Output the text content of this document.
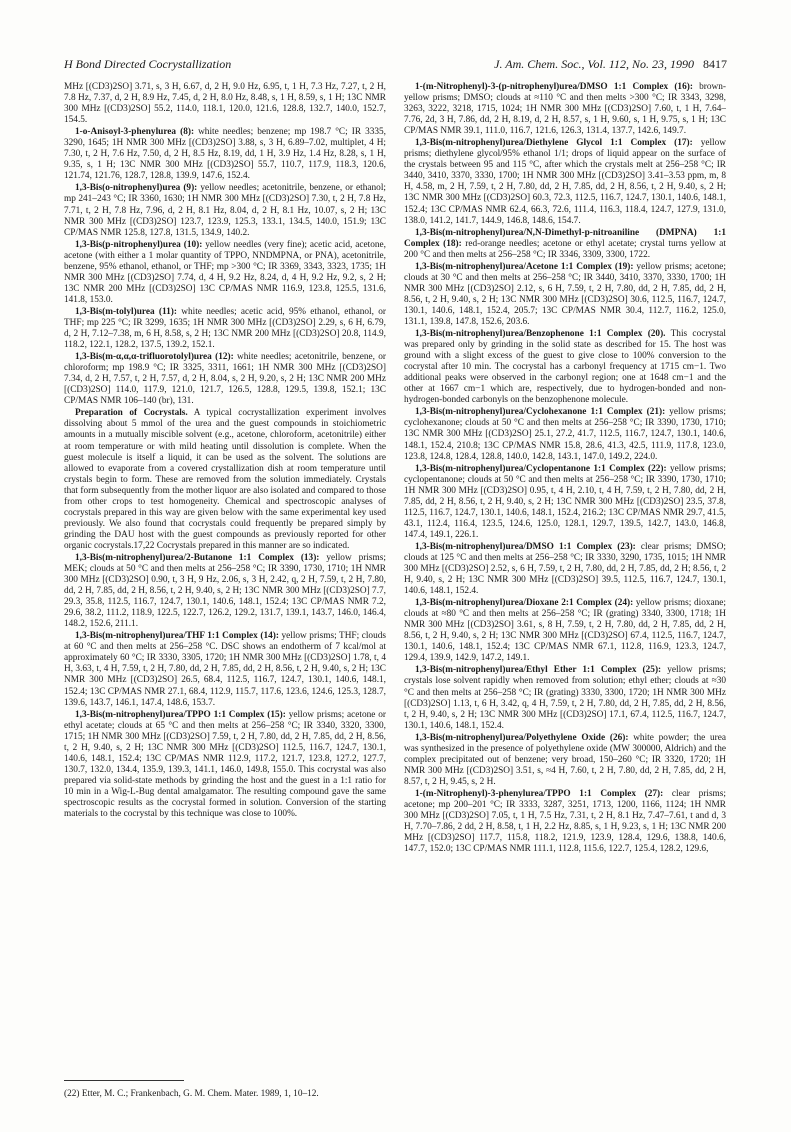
H Bond Directed Cocrystallization	J. Am. Chem. Soc., Vol. 112, No. 23, 1990 8417

MHz [(CD3)2SO] 3.71, s, 3 H, 6.67, d, 2 H, 9.0 Hz, 6.95, t, 1 H, 7.3 Hz, 7.27, t, 2 H, 7.8 Hz, 7.37, d, 2 H, 8.9 Hz, 7.45, d, 2 H, 8.0 Hz, 8.48, s, 1 H, 8.59, s, 1 H; 13C NMR 300 MHz [(CD3)2SO] 55.2, 114.0, 118.1, 120.0, 121.6, 128.8, 132.7, 140.0, 152.7, 154.5.

1-o-Anisoyl-3-phenylurea (8): white needles; benzene; mp 198.7 °C; IR 3335, 3290, 1645; 1H NMR 300 MHz [(CD3)2SO] 3.88, s, 3 H, 6.89–7.02, multiplet, 4 H; 7.30, t, 2 H, 7.6 Hz, 7.50, d, 2 H, 8.5 Hz, 8.19, dd, 1 H, 3.9 Hz, 1.4 Hz, 8.28, s, 1 H, 9.35, s, 1 H; 13C NMR 300 MHz [(CD3)2SO] 55.7, 110.7, 117.9, 118.3, 120.6, 121.74, 121.76, 128.7, 128.8, 139.9, 147.6, 152.4.

1,3-Bis(o-nitrophenyl)urea (9): yellow needles; acetonitrile, benzene, or ethanol; mp 241–243 °C; IR 3360, 1630; 1H NMR 300 MHz [(CD3)2SO] 7.30, t, 2 H, 7.8 Hz, 7.71, t, 2 H, 7.8 Hz, 7.96, d, 2 H, 8.1 Hz, 8.04, d, 2 H, 8.1 Hz, 10.07, s, 2 H; 13C NMR 300 MHz [(CD3)2SO] 123.7, 123.9, 125.3, 133.1, 134.5, 140.0, 151.9; 13C CP/MAS NMR 125.8, 127.8, 131.5, 134.9, 140.2.

1,3-Bis(p-nitrophenyl)urea (10): yellow needles (very fine); acetic acid, acetone, acetone (with either a 1 molar quantity of TPPO, NNDMPNA, or PNA), acetonitrile, benzene, 95% ethanol, ethanol, or THF; mp >300 °C; IR 3369, 3343, 3323, 1735; 1H NMR 300 MHz [(CD3)2SO] 7.74, d, 4 H, 9.2 Hz, 8.24, d, 4 H, 9.2 Hz, 9.2, s, 2 H; 13C NMR 200 MHz [(CD3)2SO] 13C CP/MAS NMR 116.9, 123.8, 125.5, 131.6, 141.8, 153.0.

1,3-Bis(m-tolyl)urea (11): white needles; acetic acid, 95% ethanol, ethanol, or THF; mp 225 °C; IR 3299, 1635; 1H NMR 300 MHz [(CD3)2SO] 2.29, s, 6 H, 6.79, d, 2 H, 7.12–7.38, m, 6 H, 8.58, s, 2 H; 13C NMR 200 MHz [(CD3)2SO] 20.8, 114.9, 118.2, 122.1, 128.2, 137.5, 139.2, 152.1.

1,3-Bis(m-α,α,α-trifluorotolyl)urea (12): white needles; acetonitrile, benzene, or chloroform; mp 198.9 °C; IR 3325, 3311, 1661; 1H NMR 300 MHz [(CD3)2SO] 7.34, d, 2 H, 7.57, t, 2 H, 7.57, d, 2 H, 8.04, s, 2 H, 9.20, s, 2 H; 13C NMR 200 MHz [(CD3)2SO] 114.0, 117.9, 121.0, 121.7, 126.5, 128.8, 129.5, 139.8, 152.1; 13C CP/MAS NMR 106–140 (br), 131.

Preparation of Cocrystals. A typical cocrystallization experiment involves dissolving about 5 mmol of the urea and the guest compounds in stoichiometric amounts in a mutually miscible solvent (e.g., acetone, chloroform, acetonitrile) either at room temperature or with mild heating until dissolution is complete. When the guest molecule is itself a liquid, it can be used as the solvent. The solutions are allowed to evaporate from a covered crystallization dish at room temperature until crystals begin to form. These are removed from the solution immediately. Crystals that form subsequently from the mother liquor are also isolated and compared to those from other crops to test homogeneity. Chemical and spectroscopic analyses of cocrystals prepared in this way are given below with the same experimental key used previously. We also found that cocrystals could frequently be prepared simply by grinding the DAU host with the guest compounds as previously reported for other organic cocrystals.17,22 Cocrystals prepared in this manner are so indicated.

1,3-Bis(m-nitrophenyl)urea/2-Butanone 1:1 Complex (13): yellow prisms; MEK; clouds at 50 °C and then melts at 256–258 °C; IR 3390, 1730, 1710; 1H NMR 300 MHz [(CD3)2SO] 0.90, t, 3 H, 9 Hz, 2.06, s, 3 H, 2.42, q, 2 H, 7.59, t, 2 H, 7.80, dd, 2 H, 7.85, dd, 2 H, 8.56, t, 2 H, 9.40, s, 2 H; 13C NMR 300 MHz [(CD3)2SO] 7.7, 29.3, 35.8, 112.5, 116.7, 124.7, 130.1, 140.6, 148.1, 152.4; 13C CP/MAS NMR 7.2, 29.6, 38.2, 111.2, 118.9, 122.5, 122.7, 126.2, 129.2, 131.7, 139.1, 143.7, 146.0, 146.4, 148.2, 152.6, 211.1.

1,3-Bis(m-nitrophenyl)urea/THF 1:1 Complex (14): yellow prisms; THF; clouds at 60 °C and then melts at 256–258 °C. DSC shows an endotherm of 7 kcal/mol at approximately 60 °C; IR 3330, 3305, 1720; 1H NMR 300 MHz [(CD3)2SO] 1.78, t, 4 H, 3.63, t, 4 H, 7.59, t, 2 H, 7.80, dd, 2 H, 7.85, dd, 2 H, 8.56, t, 2 H, 9.40, s, 2 H; 13C NMR 300 MHz [(CD3)2SO] 26.5, 68.4, 112.5, 116.7, 124.7, 130.1, 140.6, 148.1, 152.4; 13C CP/MAS NMR 27.1, 68.4, 112.9, 115.7, 117.6, 123.6, 124.6, 125.3, 128.7, 139.6, 143.7, 146.1, 147.4, 148.6, 153.7.

1,3-Bis(m-nitrophenyl)urea/TPPO 1:1 Complex (15): yellow prisms; acetone or ethyl acetate; clouds at 65 °C and then melts at 256–258 °C; IR 3340, 3320, 3300, 1715; 1H NMR 300 MHz [(CD3)2SO] 7.59, t, 2 H, 7.80, dd, 2 H, 7.85, dd, 2 H, 8.56, t, 2 H, 9.40, s, 2 H; 13C NMR 300 MHz [(CD3)2SO] 112.5, 116.7, 124.7, 130.1, 140.6, 148.1, 152.4; 13C CP/MAS NMR 112.9, 117.2, 121.7, 123.8, 127.2, 127.7, 130.7, 132.0, 134.4, 135.9, 139.3, 141.1, 146.0, 149.8, 155.0. This cocrystal was also prepared via solid-state methods by grinding the host and the guest in a 1:1 ratio for 10 min in a Wig-L-Bug dental amalgamator. The resulting compound gave the same spectroscopic results as the cocrystal formed in solution. Conversion of the starting materials to the cocrystal by this technique was close to 100%.

1-(m-Nitrophenyl)-3-(p-nitrophenyl)urea/DMSO 1:1 Complex (16): brown-yellow prisms; DMSO; clouds at ≈110 °C and then melts >300 °C; IR 3343, 3298, 3263, 3222, 3218, 1715, 1024; 1H NMR 300 MHz [(CD3)2SO] 7.60, t, 1 H, 7.64–7.76, 2d, 3 H, 7.86, dd, 2 H, 8.19, d, 2 H, 8.57, s, 1 H, 9.60, s, 1 H, 9.75, s, 1 H; 13C CP/MAS NMR 39.1, 111.0, 116.7, 121.6, 126.3, 131.4, 137.7, 142.6, 149.7.

1,3-Bis(m-nitrophenyl)urea/Diethylene Glycol 1:1 Complex (17): yellow prisms; diethylene glycol/95% ethanol 1/1; drops of liquid appear on the surface of the crystals between 95 and 115 °C, after which the crystals melt at 256–258 °C; IR 3440, 3410, 3370, 3330, 1700; 1H NMR 300 MHz [(CD3)2SO] 3.41–3.53 ppm, m, 8 H, 4.58, m, 2 H, 7.59, t, 2 H, 7.80, dd, 2 H, 7.85, dd, 2 H, 8.56, t, 2 H, 9.40, s, 2 H; 13C NMR 300 MHz [(CD3)2SO] 60.3, 72.3, 112.5, 116.7, 124.7, 130.1, 140.6, 148.1, 152.4; 13C CP/MAS NMR 62.4, 66.3, 72.6, 111.4, 116.3, 118.4, 124.7, 127.9, 131.0, 138.0, 141.2, 141.7, 144.9, 146.8, 148.6, 154.7.

1,3-Bis(m-nitrophenyl)urea/N,N-Dimethyl-p-nitroaniline (DMPNA) 1:1 Complex (18): red-orange needles; acetone or ethyl acetate; crystal turns yellow at 200 °C and then melts at 256–258 °C; IR 3346, 3309, 3300, 1722.

1,3-Bis(m-nitrophenyl)urea/Acetone 1:1 Complex (19): yellow prisms; acetone; clouds at 30 °C and then melts at 256–258 °C; IR 3440, 3410, 3370, 3330, 1700; 1H NMR 300 MHz [(CD3)2SO] 2.12, s, 6 H, 7.59, t, 2 H, 7.80, dd, 2 H, 7.85, dd, 2 H, 8.56, t, 2 H, 9.40, s, 2 H; 13C NMR 300 MHz [(CD3)2SO] 30.6, 112.5, 116.7, 124.7, 130.1, 140.6, 148.1, 152.4, 205.7; 13C CP/MAS NMR 30.4, 112.7, 116.2, 125.0, 131.1, 139.8, 147.8, 152.6, 203.6.

1,3-Bis(m-nitrophenyl)urea/Benzophenone 1:1 Complex (20). This cocrystal was prepared only by grinding in the solid state as described for 15. The host was ground with a slight excess of the guest to give close to 100% conversion to the cocrystal after 10 min. The cocrystal has a carbonyl frequency at 1715 cm−1. Two additional peaks were observed in the carbonyl region; one at 1648 cm−1 and the other at 1667 cm−1 which are, respectively, due to hydrogen-bonded and non-hydrogen-bonded carbonyls on the benzophenone molecule.

1,3-Bis(m-nitrophenyl)urea/Cyclohexanone 1:1 Complex (21): yellow prisms; cyclohexanone; clouds at 50 °C and then melts at 256–258 °C; IR 3390, 1730, 1710; 13C NMR 300 MHz [(CD3)2SO] 25.1, 27.2, 41.7, 112.5, 116.7, 124.7, 130.1, 140.6, 148.1, 152.4, 210.8; 13C CP/MAS NMR 15.8, 28.6, 41.3, 42.5, 111.9, 117.8, 123.0, 123.8, 124.8, 128.4, 128.8, 140.0, 142.8, 143.1, 147.0, 149.2, 224.0.

1,3-Bis(m-nitrophenyl)urea/Cyclopentanone 1:1 Complex (22): yellow prisms; cyclopentanone; clouds at 50 °C and then melts at 256–258 °C; IR 3390, 1730, 1710; 1H NMR 300 MHz [(CD3)2SO] 0.95, t, 4 H, 2.10, t, 4 H, 7.59, t, 2 H, 7.80, dd, 2 H, 7.85, dd, 2 H, 8.56, t, 2 H, 9.40, s, 2 H; 13C NMR 300 MHz [(CD3)2SO] 23.5, 37.8, 112.5, 116.7, 124.7, 130.1, 140.6, 148.1, 152.4, 216.2; 13C CP/MAS NMR 29.7, 41.5, 43.1, 112.4, 116.4, 123.5, 124.6, 125.0, 128.1, 129.7, 139.5, 142.7, 143.0, 146.8, 147.4, 149.1, 226.1.

1,3-Bis(m-nitrophenyl)urea/DMSO 1:1 Complex (23): clear prisms; DMSO; clouds at 125 °C and then melts at 256–258 °C; IR 3330, 3290, 1735, 1015; 1H NMR 300 MHz [(CD3)2SO] 2.52, s, 6 H, 7.59, t, 2 H, 7.80, dd, 2 H, 7.85, dd, 2 H; 8.56, t, 2 H, 9.40, s, 2 H; 13C NMR 300 MHz [(CD3)2SO] 39.5, 112.5, 116.7, 124.7, 130.1, 140.6, 148.1, 152.4.

1,3-Bis(m-nitrophenyl)urea/Dioxane 2:1 Complex (24): yellow prisms; dioxane; clouds at ≈80 °C and then melts at 256–258 °C; IR (grating) 3340, 3300, 1718; 1H NMR 300 MHz [(CD3)2SO] 3.61, s, 8 H, 7.59, t, 2 H, 7.80, dd, 2 H, 7.85, dd, 2 H, 8.56, t, 2 H, 9.40, s, 2 H; 13C NMR 300 MHz [(CD3)2SO] 67.4, 112.5, 116.7, 124.7, 130.1, 140.6, 148.1, 152.4; 13C CP/MAS NMR 67.1, 112.8, 116.9, 123.3, 124.7, 129.4, 139.9, 142.9, 147.2, 149.1.

1,3-Bis(m-nitrophenyl)urea/Ethyl Ether 1:1 Complex (25): yellow prisms; crystals lose solvent rapidly when removed from solution; ethyl ether; clouds at ≈30 °C and then melts at 256–258 °C; IR (grating) 3330, 3300, 1720; 1H NMR 300 MHz [(CD3)2SO] 1.13, t, 6 H, 3.42, q, 4 H, 7.59, t, 2 H, 7.80, dd, 2 H, 7.85, dd, 2 H, 8.56, t, 2 H, 9.40, s, 2 H; 13C NMR 300 MHz [(CD3)2SO] 17.1, 67.4, 112.5, 116.7, 124.7, 130.1, 140.6, 148.1, 152.4.

1,3-Bis(m-nitrophenyl)urea/Polyethylene Oxide (26): white powder; the urea was synthesized in the presence of polyethylene oxide (MW 300000, Aldrich) and the complex precipitated out of benzene; very broad, 150–260 °C; IR 3320, 1720; 1H NMR 300 MHz [(CD3)2SO] 3.51, s, ≈4 H, 7.60, t, 2 H, 7.80, dd, 2 H, 7.85, dd, 2 H, 8.57, t, 2 H, 9.45, s, 2 H.

1-(m-Nitrophenyl)-3-phenylurea/TPPO 1:1 Complex (27): clear prisms; acetone; mp 200–201 °C; IR 3333, 3287, 3251, 1713, 1200, 1166, 1124; 1H NMR 300 MHz [(CD3)2SO] 7.05, t, 1 H, 7.5 Hz, 7.31, t, 2 H, 8.1 Hz, 7.47–7.61, t and d, 3 H, 7.70–7.86, 2 dd, 2 H, 8.58, t, 1 H, 2.2 Hz, 8.85, s, 1 H, 9.23, s, 1 H; 13C NMR 200 MHz [(CD3)2SO] 117.7, 115.8, 118.2, 121.9, 123.9, 128.4, 129.6, 138.8, 140.6, 147.7, 152.0; 13C CP/MAS NMR 111.1, 112.8, 115.6, 122.7, 125.4, 128.2, 129.6,

(22) Etter, M. C.; Frankenbach, G. M. Chem. Mater. 1989, 1, 10–12.
